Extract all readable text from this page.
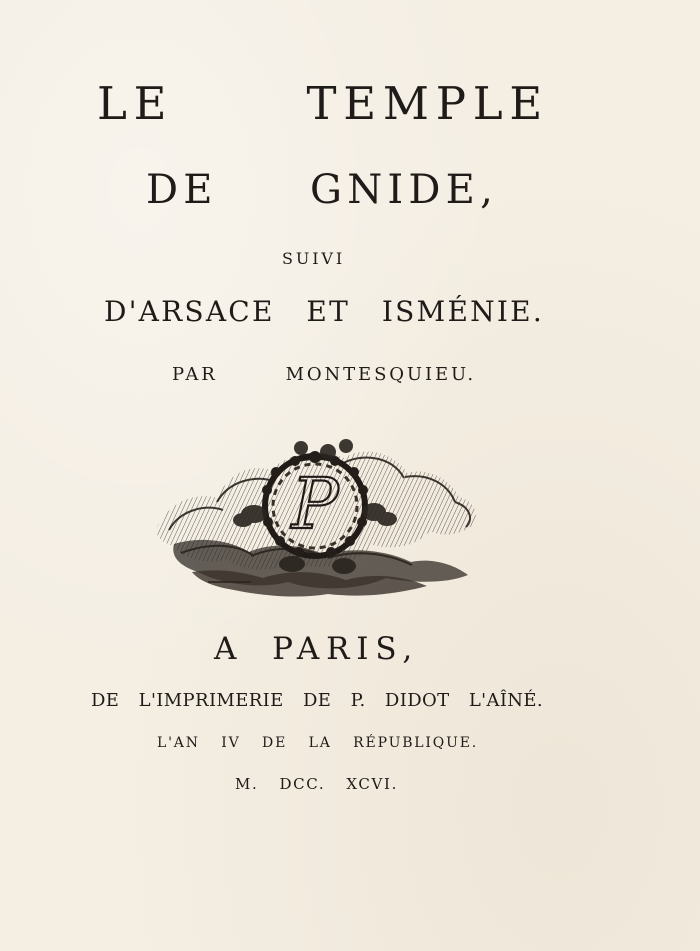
LE TEMPLE
DE GNIDE,
SUIVI
D'ARSACE ET ISMÉNIE.
PAR MONTESQUIEU.
P
A PARIS,
DE L'IMPRIMERIE DE P. DIDOT L'AÎNÉ.
L'AN IV DE LA RÉPUBLIQUE.
M. DCC. XCVI.
